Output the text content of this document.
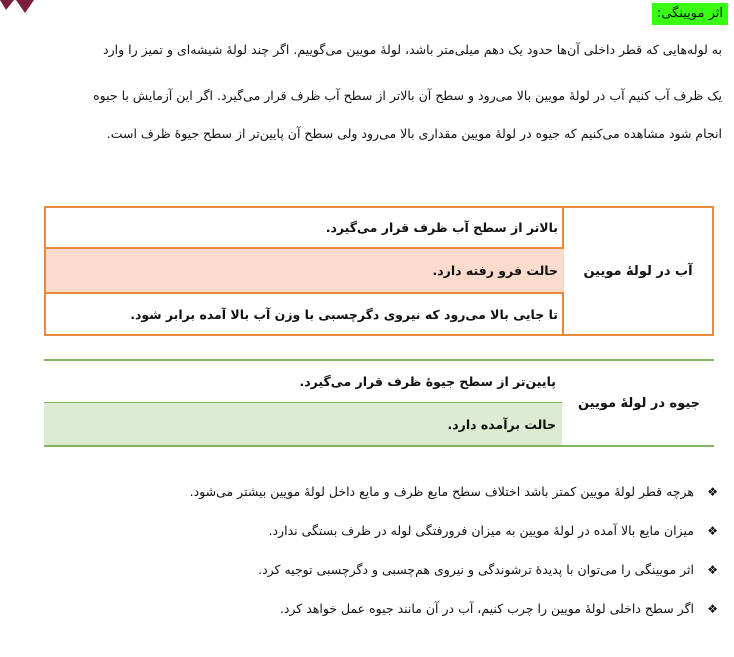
اثر مویینگی:
به لوله‌هایی که قطر داخلی آن‌ها حدود یک دهم میلی‌متر باشد، لولهٔ مویین می‌گوییم. اگر چند لولهٔ شیشه‌ای و تمیز را وارد
یک ظرف آب کنیم آب در لولهٔ مویین بالا می‌رود و سطح آن بالاتر از سطح آب ظرف قرار می‌گیرد. اگر این آزمایش با جیوه
انجام شود مشاهده می‌کنیم که جیوه در لولهٔ مویین مقداری بالا می‌رود ولی سطح آن پایین‌تر از سطح جیوهٔ ظرف است.
آب در لولهٔ مویین
بالاتر از سطح آب ظرف قرار می‌گیرد.
حالت فرو رفته دارد.
تا جایی بالا می‌رود که نیروی دگرچسبی با وزن آب بالا آمده برابر شود.
جیوه در لولهٔ مویین
پایین‌تر از سطح جیوهٔ ظرف قرار می‌گیرد.
حالت برآمده دارد.
❖
هرچه قطر لولهٔ مویین کمتر باشد اختلاف سطح مایع ظرف و مایع داخل لولهٔ مویین بیشتر می‌شود.
❖
میزان مایع بالا آمده در لولهٔ مویین به میزان فرورفتگی لوله در ظرف بستگی ندارد.
❖
اثر مویینگی را می‌توان با پدیدهٔ ترشوندگی و نیروی هم‌چسبی و دگرچسبی توجیه کرد.
❖
اگر سطح داخلی لولهٔ مویین را چرب کنیم، آب در آن مانند جیوه عمل خواهد کرد.
